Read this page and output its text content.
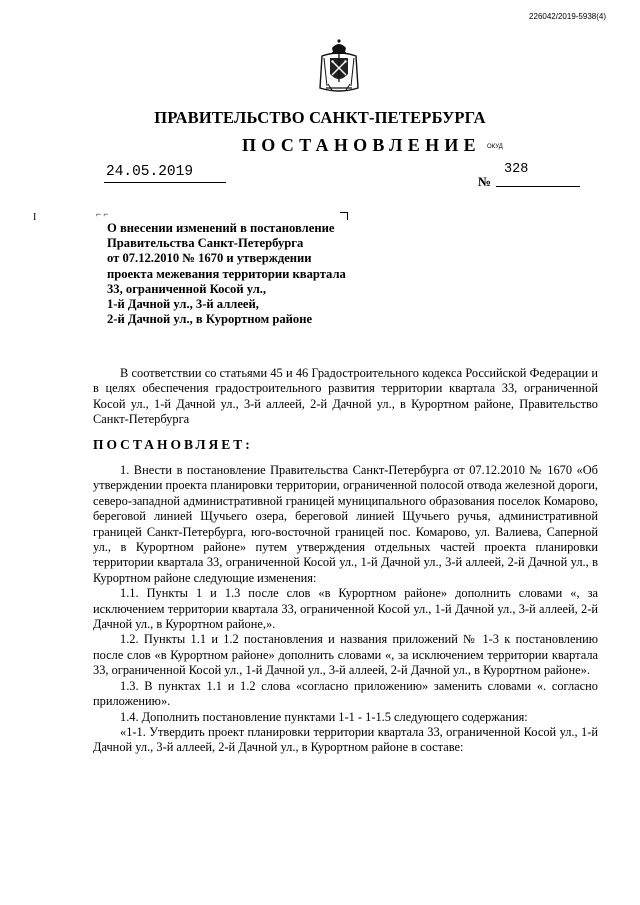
226042/2019-5938(4)
ПРАВИТЕЛЬСТВО САНКТ-ПЕТЕРБУРГА
ПОСТАНОВЛЕНИЕ ОКУД
24.05.2019
№
328
I	⌐ ⌐
О внесении изменений в постановление
Правительства Санкт-Петербурга
от 07.12.2010 № 1670 и утверждении
проекта межевания территории квартала
33, ограниченной Косой ул.,
1-й Дачной ул., 3-й аллеей,
2-й Дачной ул., в Курортном районе
В соответствии со статьями 45 и 46 Градостроительного кодекса Российской Федерации и в целях обеспечения градостроительного развития территории квартала 33, ограниченной Косой ул., 1-й Дачной ул., 3-й аллеей, 2-й Дачной ул., в Курортном районе, Правительство Санкт-Петербурга
ПОСТАНОВЛЯЕТ:

1. Внести в постановление Правительства Санкт-Петербурга от 07.12.2010 № 1670 «Об утверждении проекта планировки территории, ограниченной полосой отвода железной дороги, северо-западной административной границей муниципального образования поселок Комарово, береговой линией Щучьего озера, береговой линией Щучьего ручья, административной границей Санкт-Петербурга, юго-восточной границей пос. Комарово, ул. Валиева, Саперной ул., в Курортном районе» путем утверждения отдельных частей проекта планировки территории квартала 33, ограниченной Косой ул., 1-й Дачной ул., 3-й аллеей, 2-й Дачной ул., в Курортном районе следующие изменения:

1.1. Пункты 1 и 1.3 после слов «в Курортном районе» дополнить словами «, за исключением территории квартала 33, ограниченной Косой ул., 1-й Дачной ул., 3-й аллеей, 2-й Дачной ул., в Курортном районе,».

1.2. Пункты 1.1 и 1.2 постановления и названия приложений № 1-3 к постановлению после слов «в Курортном районе» дополнить словами «, за исключением территории квартала 33, ограниченной Косой ул., 1-й Дачной ул., 3-й аллеей, 2-й Дачной ул., в Курортном районе».

1.3. В пунктах 1.1 и 1.2 слова «согласно приложению» заменить словами «. согласно приложению».

1.4. Дополнить постановление пунктами 1-1 - 1-1.5 следующего содержания:

«1-1. Утвердить проект планировки территории квартала 33, ограниченной Косой ул., 1-й Дачной ул., 3-й аллеей, 2-й Дачной ул., в Курортном районе в составе:
